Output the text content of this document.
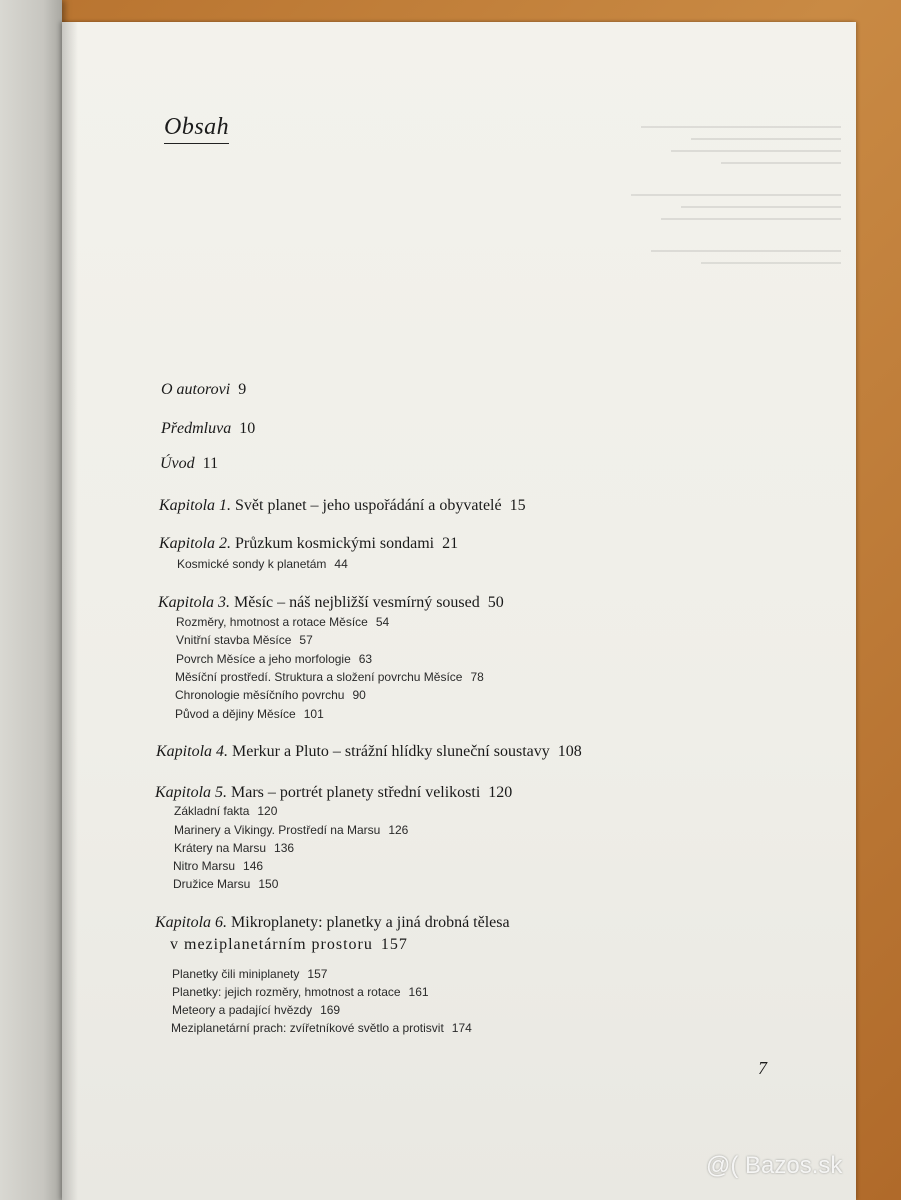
Obsah
O autorovi 9
Předmluva 10
Úvod 11
Kapitola 1. Svět planet – jeho uspořádání a obyvatelé 15
Kapitola 2. Průzkum kosmickými sondami 21
Kosmické sondy k planetám 44
Kapitola 3. Měsíc – náš nejbližší vesmírný soused 50
Rozměry, hmotnost a rotace Měsíce 54
Vnitřní stavba Měsíce 57
Povrch Měsíce a jeho morfologie 63
Měsíční prostředí. Struktura a složení povrchu Měsíce 78
Chronologie měsíčního povrchu 90
Původ a dějiny Měsíce 101
Kapitola 4. Merkur a Pluto – strážní hlídky sluneční soustavy 108
Kapitola 5. Mars – portrét planety střední velikosti 120
Základní fakta 120
Marinery a Vikingy. Prostředí na Marsu 126
Krátery na Marsu 136
Nitro Marsu 146
Družice Marsu 150
Kapitola 6. Mikroplanety: planetky a jiná drobná tělesa
v meziplanetárním prostoru 157
Planetky čili miniplanety 157
Planetky: jejich rozměry, hmotnost a rotace 161
Meteory a padající hvězdy 169
Meziplanetární prach: zvířetníkové světlo a protisvit 174
7
@( Bazos.sk
